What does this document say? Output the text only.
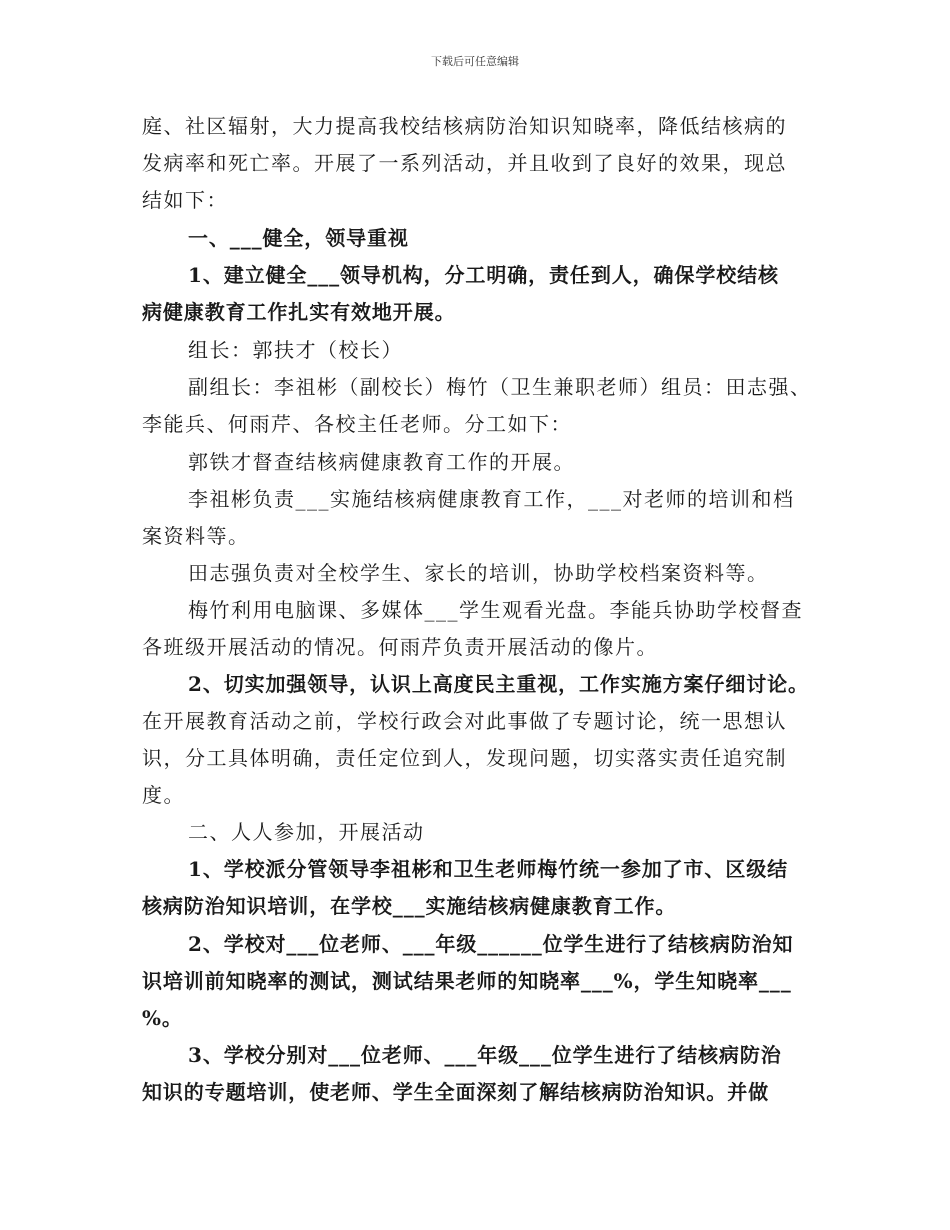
下载后可任意编辑
庭、社区辐射，大力提高我校结核病防治知识知晓率，降低结核病的
发病率和死亡率。开展了一系列活动，并且收到了良好的效果，现总
结如下：
一、___健全，领导重视
1、建立健全___领导机构，分工明确，责任到人，确保学校结核
病健康教育工作扎实有效地开展。
组长：郭扶才（校长）
副组长：李祖彬（副校长）梅竹（卫生兼职老师）组员：田志强、
李能兵、何雨芹、各校主任老师。分工如下：
郭铁才督查结核病健康教育工作的开展。
李祖彬负责___实施结核病健康教育工作，___对老师的培训和档
案资料等。
田志强负责对全校学生、家长的培训，协助学校档案资料等。
梅竹利用电脑课、多媒体___学生观看光盘。李能兵协助学校督查
各班级开展活动的情况。何雨芹负责开展活动的像片。
2、切实加强领导，认识上高度民主重视，工作实施方案仔细讨论。
在开展教育活动之前，学校行政会对此事做了专题讨论，统一思想认
识，分工具体明确，责任定位到人，发现问题，切实落实责任追究制
度。
二、人人参加，开展活动
1、学校派分管领导李祖彬和卫生老师梅竹统一参加了市、区级结
核病防治知识培训，在学校___实施结核病健康教育工作。
2、学校对___位老师、___年级______位学生进行了结核病防治知
识培训前知晓率的测试，测试结果老师的知晓率___%，学生知晓率___
%。
3、学校分别对___位老师、___年级___位学生进行了结核病防治
知识的专题培训，使老师、学生全面深刻了解结核病防治知识。并做
